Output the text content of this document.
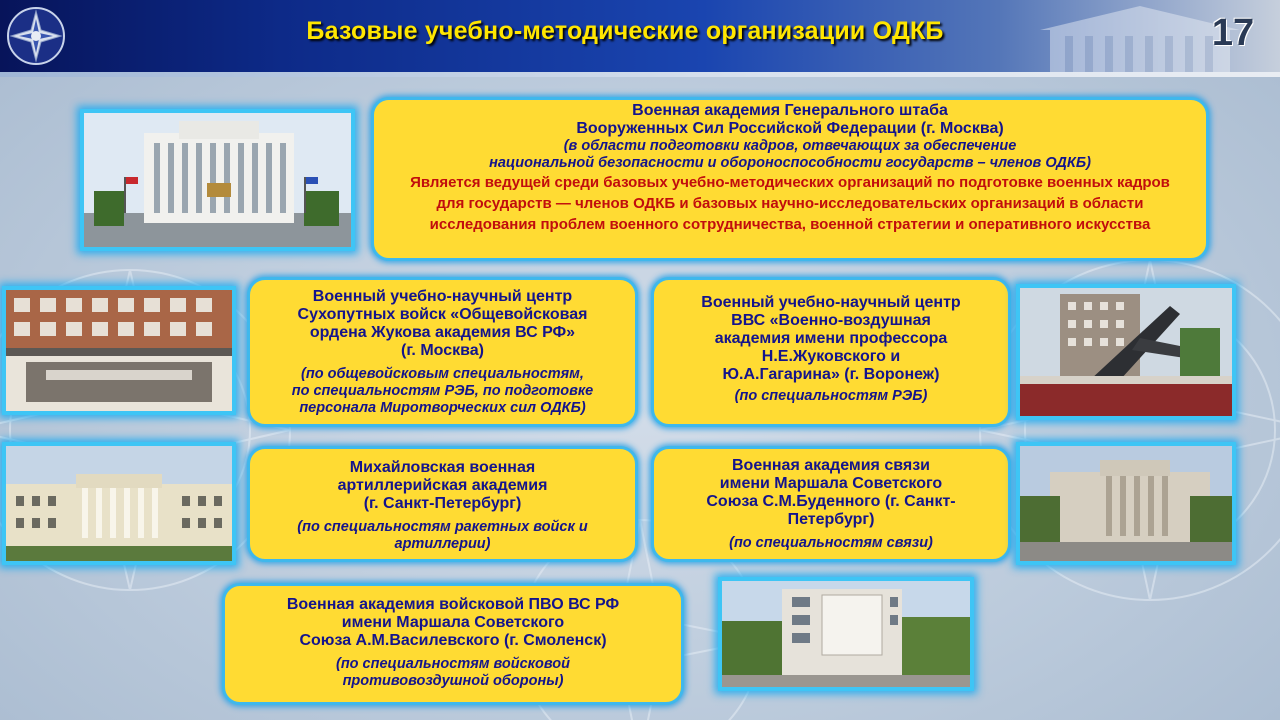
Базовые учебно-методические организации ОДКБ	17
Военная академия Генерального штаба
Вооруженных Сил Российской Федерации (г. Москва)
(в области подготовки кадров, отвечающих за обеспечение
национальной безопасности и обороноспособности государств – членов ОДКБ)
Является ведущей среди базовых учебно-методических организаций по подготовке военных кадров для государств — членов ОДКБ и базовых научно-исследовательских организаций в области исследования проблем военного сотрудничества, военной стратегии и оперативного искусства
Военный учебно-научный центр
Сухопутных войск «Общевойсковая
ордена Жукова академия ВС РФ»
(г. Москва)
(по общевойсковым специальностям,
по специальностям РЭБ, по подготовке
персонала Миротворческих сил ОДКБ)
Военный учебно-научный центр
ВВС «Военно-воздушная
академия имени профессора
Н.Е.Жуковского и
Ю.А.Гагарина» (г. Воронеж)
(по специальностям РЭБ)
Михайловская военная
артиллерийская академия
(г. Санкт-Петербург)
(по специальностям ракетных войск и
артиллерии)
Военная академия связи
имени Маршала Советского
Союза С.М.Буденного (г. Санкт-
Петербург)
(по специальностям связи)
Военная академия войсковой ПВО ВС РФ
имени Маршала Советского
Союза А.М.Василевского (г. Смоленск)
(по специальностям войсковой
противовоздушной обороны)
